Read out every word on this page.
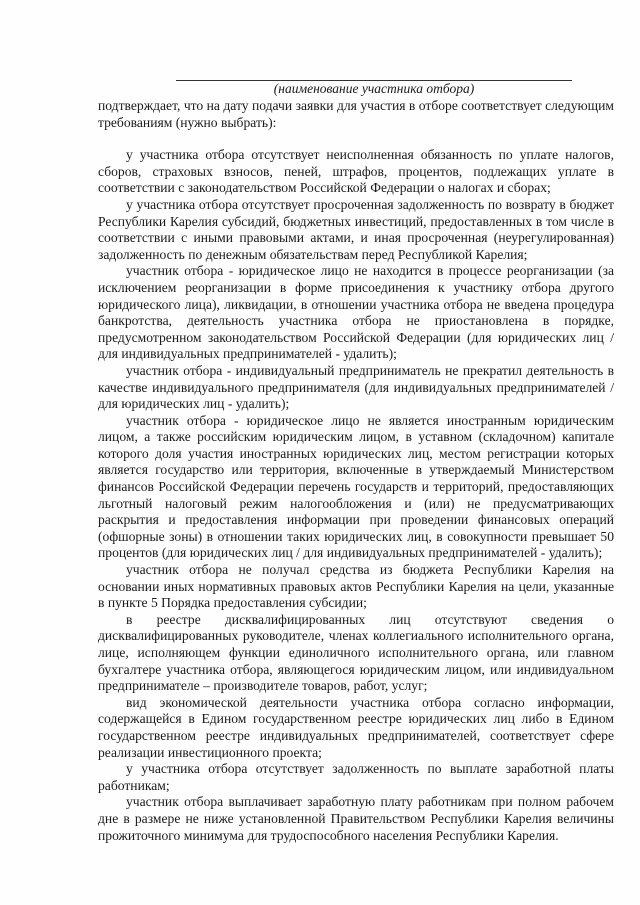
(наименование участника отбора)

подтверждает, что на дату подачи заявки для участия в отборе соответствует следующим требованиям (нужно выбрать):

у участника отбора отсутствует неисполненная обязанность по уплате налогов, сборов, страховых взносов, пеней, штрафов, процентов, подлежащих уплате в соответствии с законодательством Российской Федерации о налогах и сборах;

у участника отбора отсутствует просроченная задолженность по возврату в бюджет Республики Карелия субсидий, бюджетных инвестиций, предоставленных в том числе в соответствии с иными правовыми актами, и иная просроченная (неурегулированная) задолженность по денежным обязательствам перед Республикой Карелия;

участник отбора - юридическое лицо не находится в процессе реорганизации (за исключением реорганизации в форме присоединения к участнику отбора другого юридического лица), ликвидации, в отношении участника отбора не введена процедура банкротства, деятельность участника отбора не приостановлена в порядке, предусмотренном законодательством Российской Федерации (для юридических лиц / для индивидуальных предпринимателей - удалить);

участник отбора - индивидуальный предприниматель не прекратил деятельность в качестве индивидуального предпринимателя (для индивидуальных предпринимателей / для юридических лиц - удалить);

участник отбора - юридическое лицо не является иностранным юридическим лицом, а также российским юридическим лицом, в уставном (складочном) капитале которого доля участия иностранных юридических лиц, местом регистрации которых является государство или территория, включенные в утверждаемый Министерством финансов Российской Федерации перечень государств и территорий, предоставляющих льготный налоговый режим налогообложения и (или) не предусматривающих раскрытия и предоставления информации при проведении финансовых операций (офшорные зоны) в отношении таких юридических лиц, в совокупности превышает 50 процентов (для юридических лиц / для индивидуальных предпринимателей - удалить);

участник отбора не получал средства из бюджета Республики Карелия на основании иных нормативных правовых актов Республики Карелия на цели, указанные в пункте 5 Порядка предоставления субсидии;

в реестре дисквалифицированных лиц отсутствуют сведения о дисквалифицированных руководителе, членах коллегиального исполнительного органа, лице, исполняющем функции единоличного исполнительного органа, или главном бухгалтере участника отбора, являющегося юридическим лицом, или индивидуальном предпринимателе – производителе товаров, работ, услуг;

вид экономической деятельности участника отбора согласно информации, содержащейся в Едином государственном реестре юридических лиц либо в Едином государственном реестре индивидуальных предпринимателей, соответствует сфере реализации инвестиционного проекта;

у участника отбора отсутствует задолженность по выплате заработной платы работникам;

участник отбора выплачивает заработную плату работникам при полном рабочем дне в размере не ниже установленной Правительством Республики Карелия величины прожиточного минимума для трудоспособного населения Республики Карелия.
